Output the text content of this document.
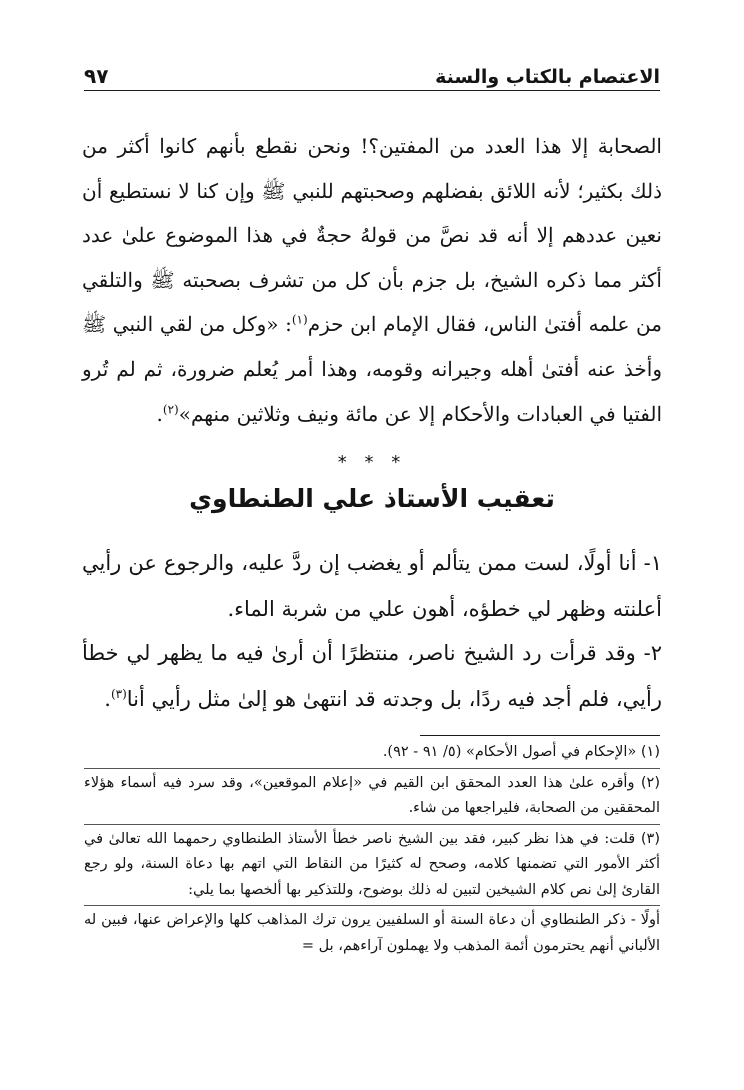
الاعتصام بالكتاب والسنة
٩٧

الصحابة إلا هذا العدد من المفتين؟! ونحن نقطع بأنهم كانوا أكثر من ذلك بكثير؛ لأنه اللائق بفضلهم وصحبتهم للنبي ﷺ وإن كنا لا نستطيع أن نعين عددهم إلا أنه قد نصَّ من قولهُ حجةٌ في هذا الموضوع علىٰ عدد أكثر مما ذكره الشيخ، بل جزم بأن كل من تشرف بصحبته ﷺ والتلقي من علمه أفتىٰ الناس، فقال الإمام ابن حزم$^{(١)}$: «وكل من لقي النبي ﷺ وأخذ عنه أفتىٰ أهله وجيرانه وقومه، وهذا أمر يُعلم ضرورة، ثم لم تُرو الفتيا في العبادات والأحكام إلا عن مائة ونيف وثلاثين منهم»$^{(٢)}$.

* * *
تعقيب الأستاذ علي الطنطاوي

١- أنا أولًا، لست ممن يتألم أو يغضب إن ردَّ عليه، والرجوع عن رأيي أعلنته وظهر لي خطؤه، أهون علي من شربة الماء.

٢- وقد قرأت رد الشيخ ناصر، منتظرًا أن أرىٰ فيه ما يظهر لي خطأ رأيي، فلم أجد فيه ردًا، بل وجدته قد انتهىٰ هو إلىٰ مثل رأيي أنا$^{(٣)}$.

(١) «الإحكام في أصول الأحكام» (٥/ ٩١ - ٩٢).

(٢) وأقره علىٰ هذا العدد المحقق ابن القيم في «إعلام الموقعين»، وقد سرد فيه أسماء هؤلاء المحققين من الصحابة، فليراجعها من شاء.

(٣) قلت: في هذا نظر كبير، فقد بين الشيخ ناصر خطأ الأستاذ الطنطاوي رحمهما الله تعالىٰ في أكثر الأمور التي تضمنها كلامه، وصحح له كثيرًا من النقاط التي اتهم بها دعاة السنة، ولو رجع القارئ إلىٰ نص كلام الشيخين لتبين له ذلك بوضوح، وللتذكير بها ألخصها بما يلي:

أولًا - ذكر الطنطاوي أن دعاة السنة أو السلفيين يرون ترك المذاهب كلها والإعراض عنها، فبين له الألباني أنهم يحترمون أئمة المذهب ولا يهملون آراءهم، بل =
